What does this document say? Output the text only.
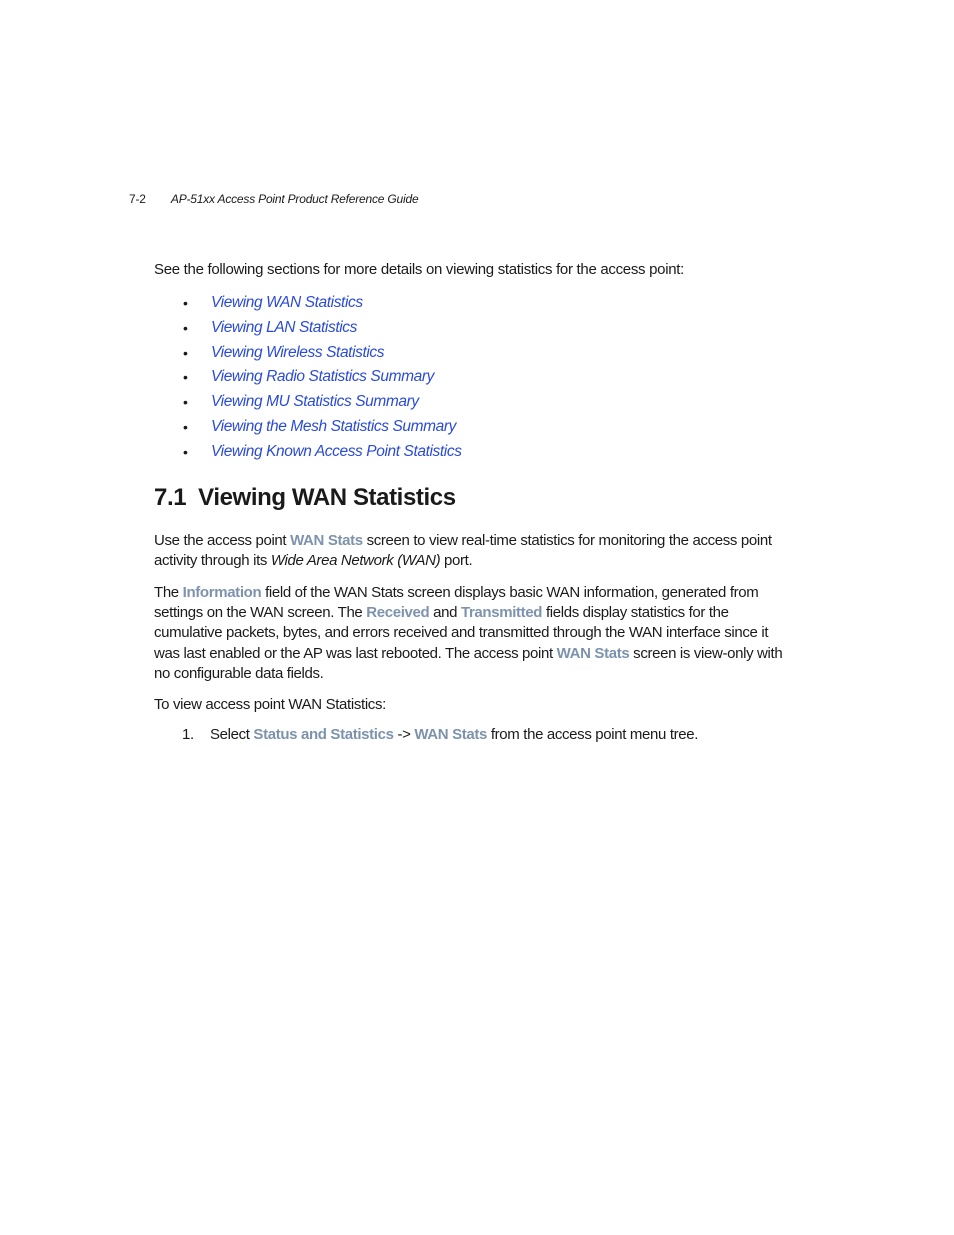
7-2 AP-51xx Access Point Product Reference Guide

See the following sections for more details on viewing statistics for the access point:

•	Viewing WAN Statistics
•	Viewing LAN Statistics
•	Viewing Wireless Statistics
•	Viewing Radio Statistics Summary
•	Viewing MU Statistics Summary
•	Viewing the Mesh Statistics Summary
•	Viewing Known Access Point Statistics
7.1 Viewing WAN Statistics

Use the access point WAN Stats screen to view real-time statistics for monitoring the access point activity through its Wide Area Network (WAN) port.

The Information field of the WAN Stats screen displays basic WAN information, generated from settings on the WAN screen. The Received and Transmitted fields display statistics for the cumulative packets, bytes, and errors received and transmitted through the WAN interface since it was last enabled or the AP was last rebooted. The access point WAN Stats screen is view-only with no configurable data fields.

To view access point WAN Statistics:

1. Select Status and Statistics -> WAN Stats from the access point menu tree.
